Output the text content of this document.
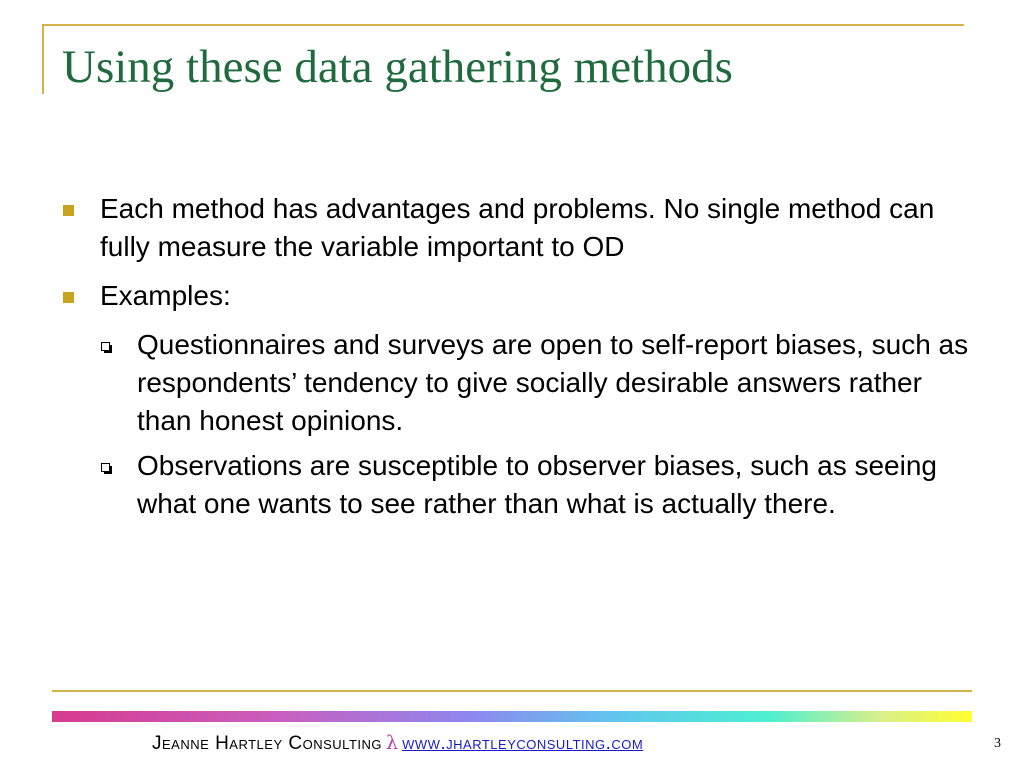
Using these data gathering methods
Each method has advantages and problems. No single method can fully measure the variable important to OD
Examples:
Questionnaires and surveys are open to self-report biases, such as respondents’ tendency to give socially desirable answers rather than honest opinions.
Observations are susceptible to observer biases, such as seeing what one wants to see rather than what is actually there.
Jeanne Hartley Consulting λ www.jhartleyconsulting.com	3
